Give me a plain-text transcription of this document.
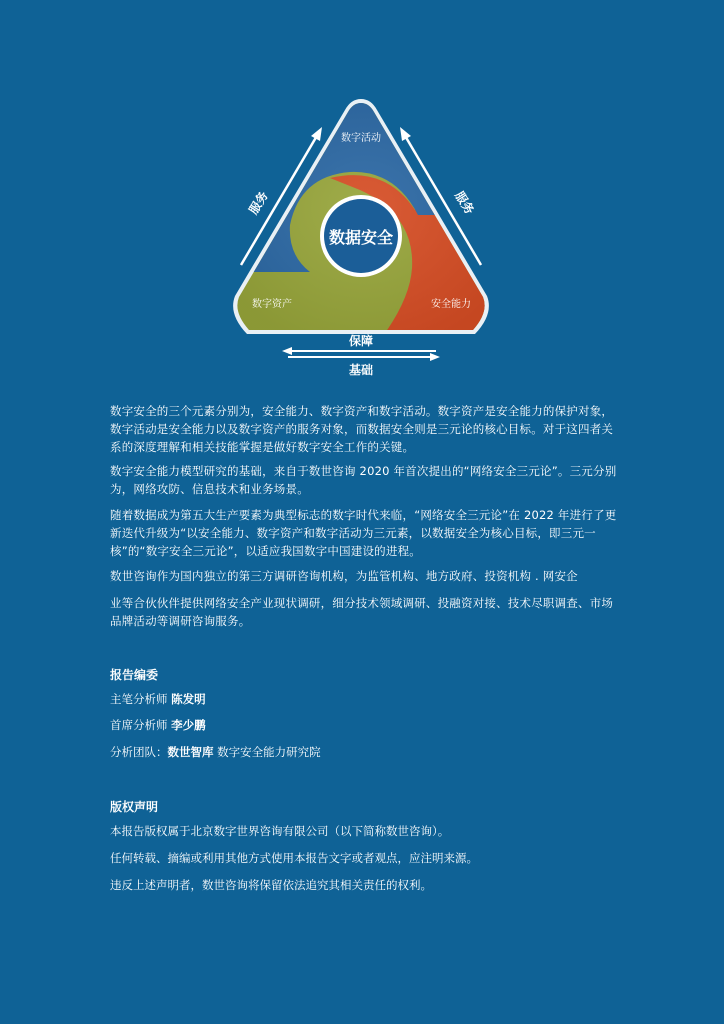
数据安全
数字活动
数字资产	安全能力
服务	服务
保障
基础

数字安全的三个元素分别为，安全能力、数字资产和数字活动。数字资产是安全能力的保护对象，数字活动是安全能力以及数字资产的服务对象，而数据安全则是三元论的核心目标。对于这四者关系的深度理解和相关技能掌握是做好数字安全工作的关键。

数字安全能力模型研究的基础，来自于数世咨询 2020 年首次提出的“网络安全三元论”。三元分别为，网络攻防、信息技术和业务场景。

随着数据成为第五大生产要素为典型标志的数字时代来临，“网络安全三元论”在 2022 年进行了更新迭代升级为“以安全能力、数字资产和数字活动为三元素，以数据安全为核心目标，即三元一核”的“数字安全三元论”，以适应我国数字中国建设的进程。

数世咨询作为国内独立的第三方调研咨询机构，为监管机构、地方政府、投资机构 . 网安企

业等合伙伙伴提供网络安全产业现状调研，细分技术领域调研、投融资对接、技术尽职调查、市场品牌活动等调研咨询服务。

报告编委
主笔分析师 陈发明
首席分析师 李少鹏
分析团队：数世智库 数字安全能力研究院
版权声明
本报告版权属于北京数字世界咨询有限公司（以下简称数世咨询）。
任何转载、摘编或利用其他方式使用本报告文字或者观点，应注明来源。
违反上述声明者，数世咨询将保留依法追究其相关责任的权利。
